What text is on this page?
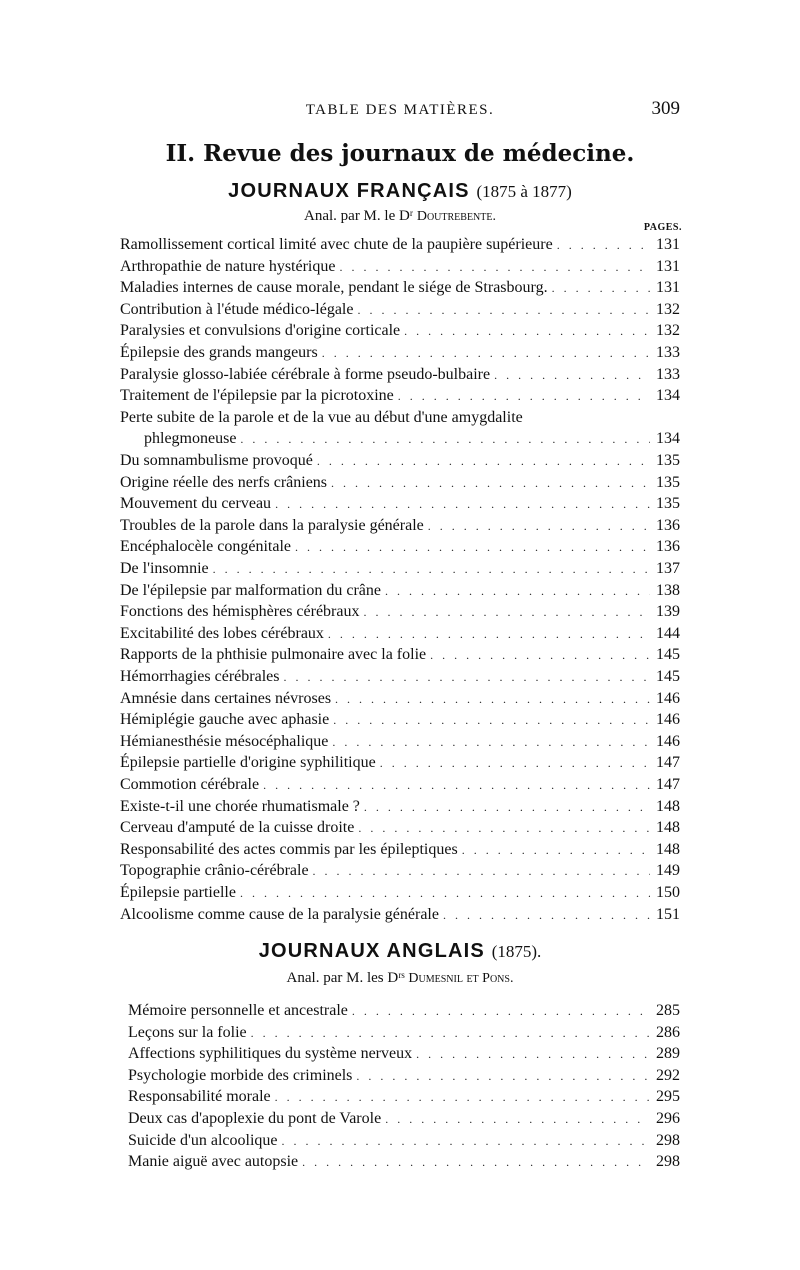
TABLE DES MATIÈRES.	309
II. Revue des journaux de médecine.
JOURNAUX FRANÇAIS (1875 à 1877)
Anal. par M. le Dʳ Doutrebente.
PAGES.
Ramollissement cortical limité avec chute de la paupière supérieure . . .	131
Arthropathie de nature hystérique . . .	131
Maladies internes de cause morale, pendant le siége de Strasbourg. . . .	131
Contribution à l'étude médico-légale . . .	132
Paralysies et convulsions d'origine corticale . . .	132
Épilepsie des grands mangeurs . . .	133
Paralysie glosso-labiée cérébrale à forme pseudo-bulbaire . . .	133
Traitement de l'épilepsie par la picrotoxine . . .	134
Perte subite de la parole et de la vue au début d'une amygdalite
phlegmoneuse . . .	134
Du somnambulisme provoqué . . .	135
Origine réelle des nerfs crâniens . . .	135
Mouvement du cerveau . . .	135
Troubles de la parole dans la paralysie générale . . .	136
Encéphalocèle congénitale . . .	136
De l'insomnie . . .	137
De l'épilepsie par malformation du crâne . . .	138
Fonctions des hémisphères cérébraux . . .	139
Excitabilité des lobes cérébraux . . .	144
Rapports de la phthisie pulmonaire avec la folie . . .	145
Hémorrhagies cérébrales . . .	145
Amnésie dans certaines névroses . . .	146
Hémiplégie gauche avec aphasie . . .	146
Hémianesthésie mésocéphalique . . .	146
Épilepsie partielle d'origine syphilitique . . .	147
Commotion cérébrale . . .	147
Existe-t-il une chorée rhumatismale ? . . .	148
Cerveau d'amputé de la cuisse droite . . .	148
Responsabilité des actes commis par les épileptiques . . .	148
Topographie crânio-cérébrale . . .	149
Épilepsie partielle . . .	150
Alcoolisme comme cause de la paralysie générale . . .	151
JOURNAUX ANGLAIS (1875).
Anal. par M. les Dʳˢ Dumesnil et Pons.
Mémoire personnelle et ancestrale . . .	285
Leçons sur la folie . . .	286
Affections syphilitiques du système nerveux . . .	289
Psychologie morbide des criminels . . .	292
Responsabilité morale . . .	295
Deux cas d'apoplexie du pont de Varole . . .	296
Suicide d'un alcoolique . . .	298
Manie aiguë avec autopsie . . .	298
